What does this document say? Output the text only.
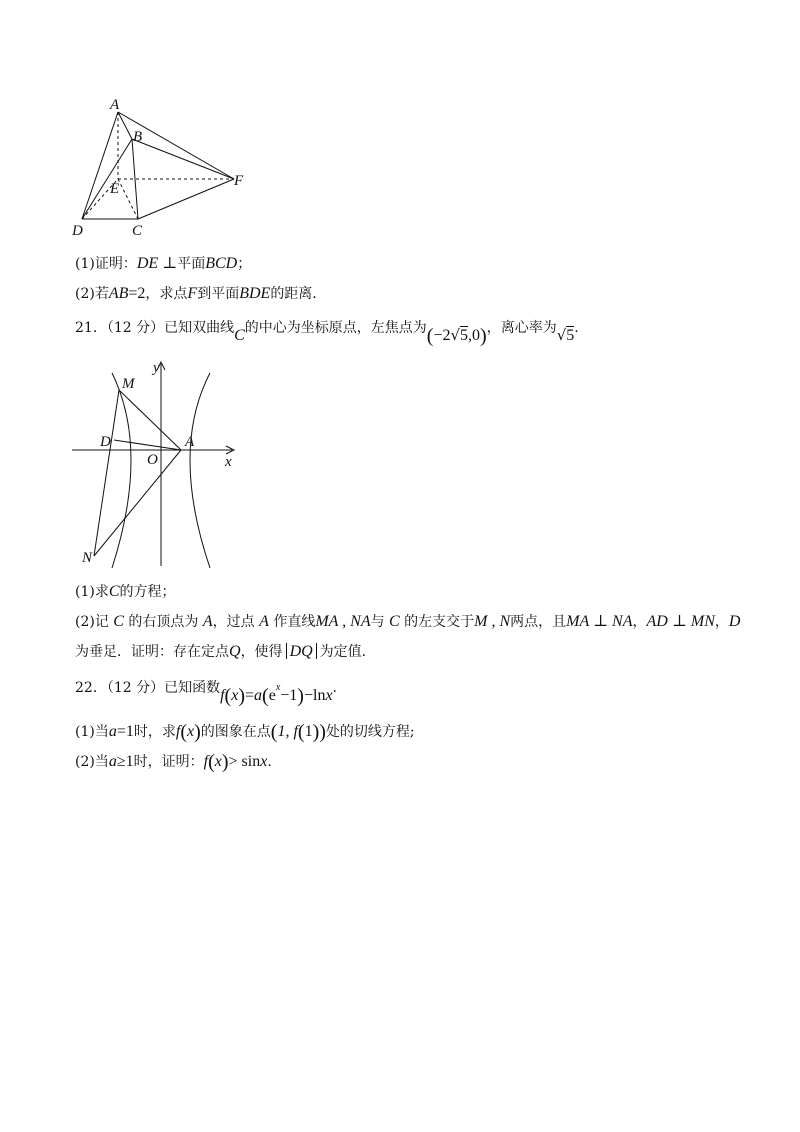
A
B
E
D	C
F
(1)证明：DE ⊥平面BCD；
(2)若AB=2，求点F到平面BDE的距离.
21．（12 分）已知双曲线C的中心为坐标原点，左焦点为(−2√5,0)，离心率为√5.
y
M
D	A
O	x
N
(1)求C的方程；
(2)记 C 的右顶点为 A，过点 A 作直线MA , NA与 C 的左支交于M , N两点，且MA ⊥ NA，AD ⊥ MN，D
为垂足．证明：存在定点Q，使得 DQ 为定值.
22．（12 分）已知函数$f(x)=a(e^x-1)-\ln x$.
(1)当a=1时，求f(x)的图象在点(1, f(1))处的切线方程;
(2)当a≥1时，证明：f(x)> sinx.
